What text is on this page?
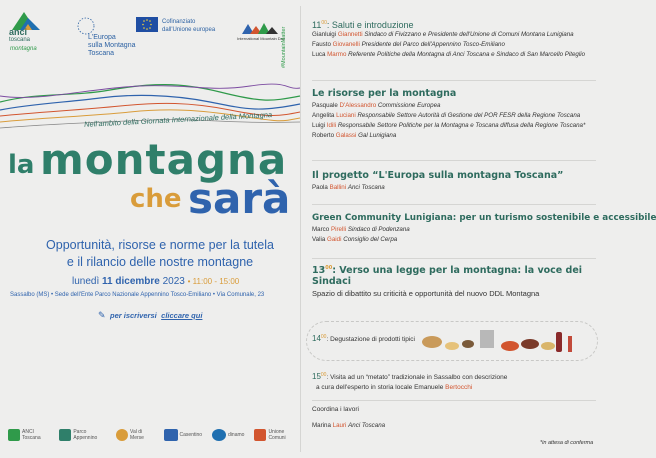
anci
toscana
montagna
L'Europa
sulla Montagna
Toscana
Cofinanziato
dall'Unione europea
International Mountain Day
#MountainMatter
Nell'ambito della Giornata Internazionale della Montagna
la montagna
che sarà
Opportunità, risorse e norme per la tutela
e il rilancio delle nostre montagne
lunedì 11 dicembre 2023 • 11:00 - 15:00
Sassalbo (MS) • Sede dell'Ente Parco Nazionale Appennino Tosco-Emiliano • Via Comunale, 23
✎ per iscriversi cliccare qui
ANCI Toscana
Parco Appennino
Val di Merse	Casentino	dinamo	Unione Comuni
$11^{00}$: Saluti e introduzione
Gianluigi Giannetti Sindaco di Fivizzano e Presidente dell'Unione di Comuni Montana Lunigiana
Fausto Giovanelli Presidente del Parco dell'Appennino Tosco-Emiliano
Luca Marmo Referente Politiche della Montagna di Anci Toscana e Sindaco di San Marcello Piteglio
Le risorse per la montagna
Pasquale D'Alessandro Commissione Europea
Angelita Luciani Responsabile Settore Autorità di Gestione del POR FESR della Regione Toscana
Luigi Idili Responsabile Settore Politiche per la Montagna e Toscana diffusa della Regione Toscana*
Roberto Galassi Gal Lunigiana
Il progetto “L'Europa sulla montagna Toscana”
Paola Ballini Anci Toscana
Green Community Lunigiana: per un turismo sostenibile e accessibile
Marco Pirelli Sindaco di Podenzana
Valia Gaidi Consiglio del Cerpa
$13^{00}$: Verso una legge per la montagna: la voce dei Sindaci
Spazio di dibattito su criticità e opportunità del nuovo DDL Montagna
$14^{00}$: Degustazione di prodotti tipici
$15^{00}$: Visita ad un “metato” tradizionale in Sassalbo con descrizione
a cura dell'esperto in storia locale Emanuele Bertocchi
Coordina i lavori
Marina Lauri Anci Toscana
*in attesa di conferma
